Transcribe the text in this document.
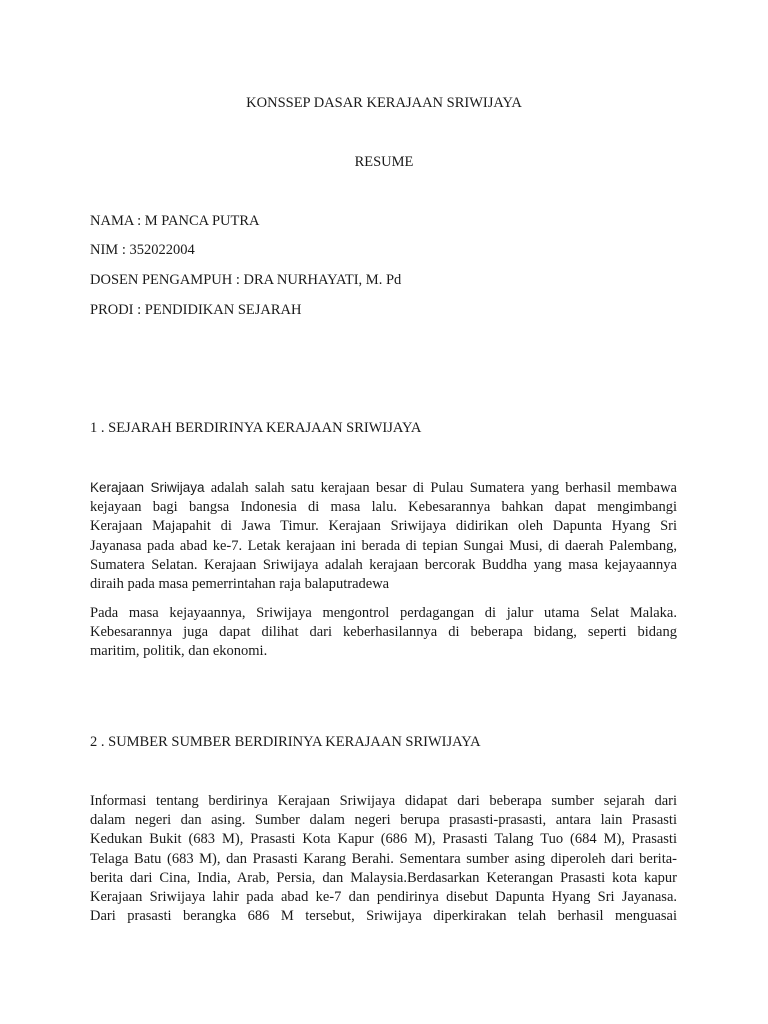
KONSSEP DASAR KERAJAAN SRIWIJAYA
RESUME
NAMA : M PANCA PUTRA
NIM : 352022004
DOSEN PENGAMPUH : DRA NURHAYATI, M. Pd
PRODI : PENDIDIKAN SEJARAH
1 . SEJARAH BERDIRINYA KERAJAAN SRIWIJAYA
Kerajaan Sriwijaya adalah salah satu kerajaan besar di Pulau Sumatera yang berhasil membawa
kejayaan bagi bangsa Indonesia di masa lalu. Kebesarannya bahkan dapat mengimbangi
Kerajaan Majapahit di Jawa Timur. Kerajaan Sriwijaya didirikan oleh Dapunta Hyang Sri
Jayanasa pada abad ke-7. Letak kerajaan ini berada di tepian Sungai Musi, di daerah Palembang,
Sumatera Selatan. Kerajaan Sriwijaya adalah kerajaan bercorak Buddha yang masa kejayaannya
diraih pada masa pemerrintahan raja balaputradewa
Pada masa kejayaannya, Sriwijaya mengontrol perdagangan di jalur utama Selat Malaka.
Kebesarannya juga dapat dilihat dari keberhasilannya di beberapa bidang, seperti bidang
maritim, politik, dan ekonomi.
2 . SUMBER SUMBER BERDIRINYA KERAJAAN SRIWIJAYA
Informasi tentang berdirinya Kerajaan Sriwijaya didapat dari beberapa sumber sejarah dari
dalam negeri dan asing. Sumber dalam negeri berupa prasasti-prasasti, antara lain Prasasti
Kedukan Bukit (683 M), Prasasti Kota Kapur (686 M), Prasasti Talang Tuo (684 M), Prasasti
Telaga Batu (683 M), dan Prasasti Karang Berahi. Sementara sumber asing diperoleh dari berita-
berita dari Cina, India, Arab, Persia, dan Malaysia.Berdasarkan Keterangan Prasasti kota kapur
Kerajaan Sriwijaya lahir pada abad ke-7 dan pendirinya disebut Dapunta Hyang Sri Jayanasa.
Dari prasasti berangka 686 M tersebut, Sriwijaya diperkirakan telah berhasil menguasai
